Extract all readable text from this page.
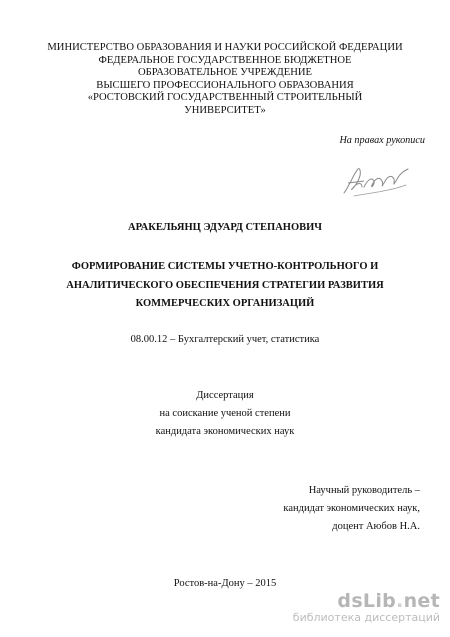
МИНИСТЕРСТВО ОБРАЗОВАНИЯ И НАУКИ РОССИЙСКОЙ ФЕДЕРАЦИИ
ФЕДЕРАЛЬНОЕ ГОСУДАРСТВЕННОЕ БЮДЖЕТНОЕ
ОБРАЗОВАТЕЛЬНОЕ УЧРЕЖДЕНИЕ
ВЫСШЕГО ПРОФЕССИОНАЛЬНОГО ОБРАЗОВАНИЯ
«РОСТОВСКИЙ ГОСУДАРСТВЕННЫЙ СТРОИТЕЛЬНЫЙ
УНИВЕРСИТЕТ»
На правах рукописи
АРАКЕЛЬЯНЦ ЭДУАРД СТЕПАНОВИЧ
ФОРМИРОВАНИЕ СИСТЕМЫ УЧЕТНО-КОНТРОЛЬНОГО И
АНАЛИТИЧЕСКОГО ОБЕСПЕЧЕНИЯ СТРАТЕГИИ РАЗВИТИЯ
КОММЕРЧЕСКИХ ОРГАНИЗАЦИЙ
08.00.12 – Бухгалтерский учет, статистика
Диссертация
на соискание ученой степени
кандидата экономических наук
Научный руководитель –
кандидат экономических наук,
доцент Аюбов Н.А.
Ростов-на-Дону – 2015
dsLib.net
библиотека диссертаций
